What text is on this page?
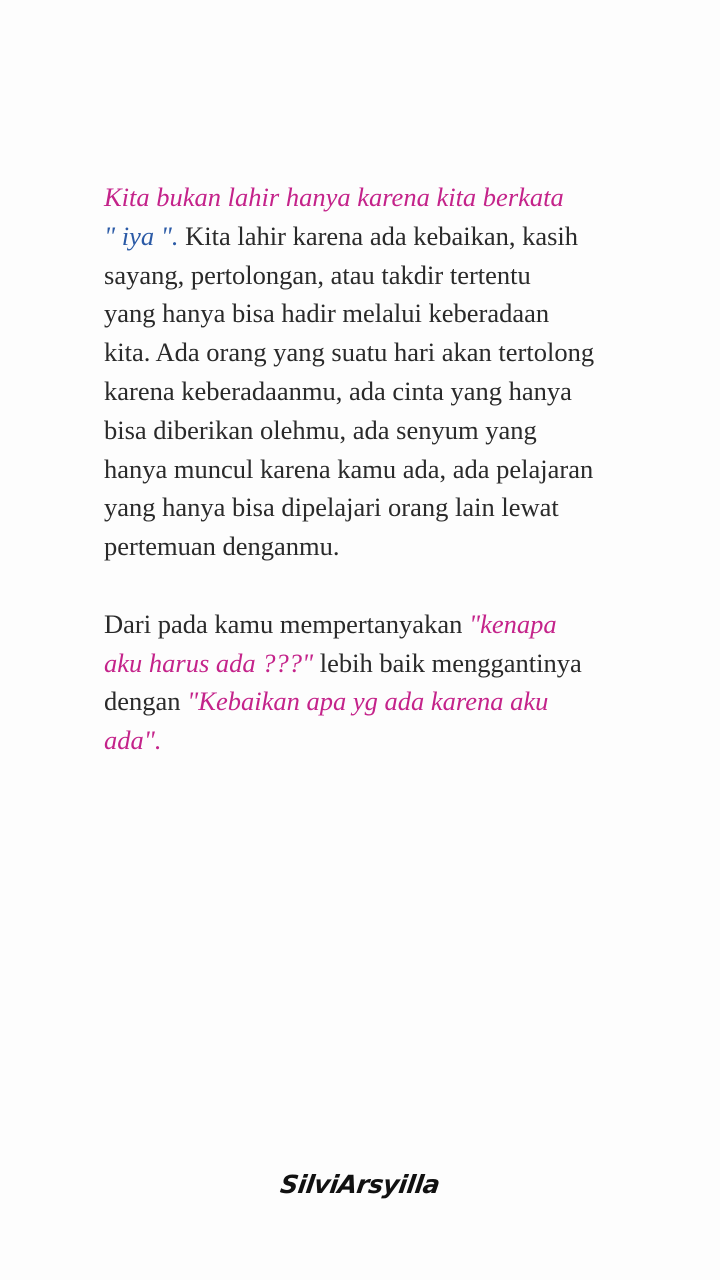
Kita bukan lahir hanya karena kita berkata
" iya ". Kita lahir karena ada kebaikan, kasih
sayang, pertolongan, atau takdir tertentu
yang hanya bisa hadir melalui keberadaan
kita. Ada orang yang suatu hari akan tertolong
karena keberadaanmu, ada cinta yang hanya
bisa diberikan olehmu, ada senyum yang
hanya muncul karena kamu ada, ada pelajaran
yang hanya bisa dipelajari orang lain lewat
pertemuan denganmu.
Dari pada kamu mempertanyakan "kenapa
aku harus ada ???" lebih baik menggantinya
dengan "Kebaikan apa yg ada karena aku
ada".
SilviArsyilla
